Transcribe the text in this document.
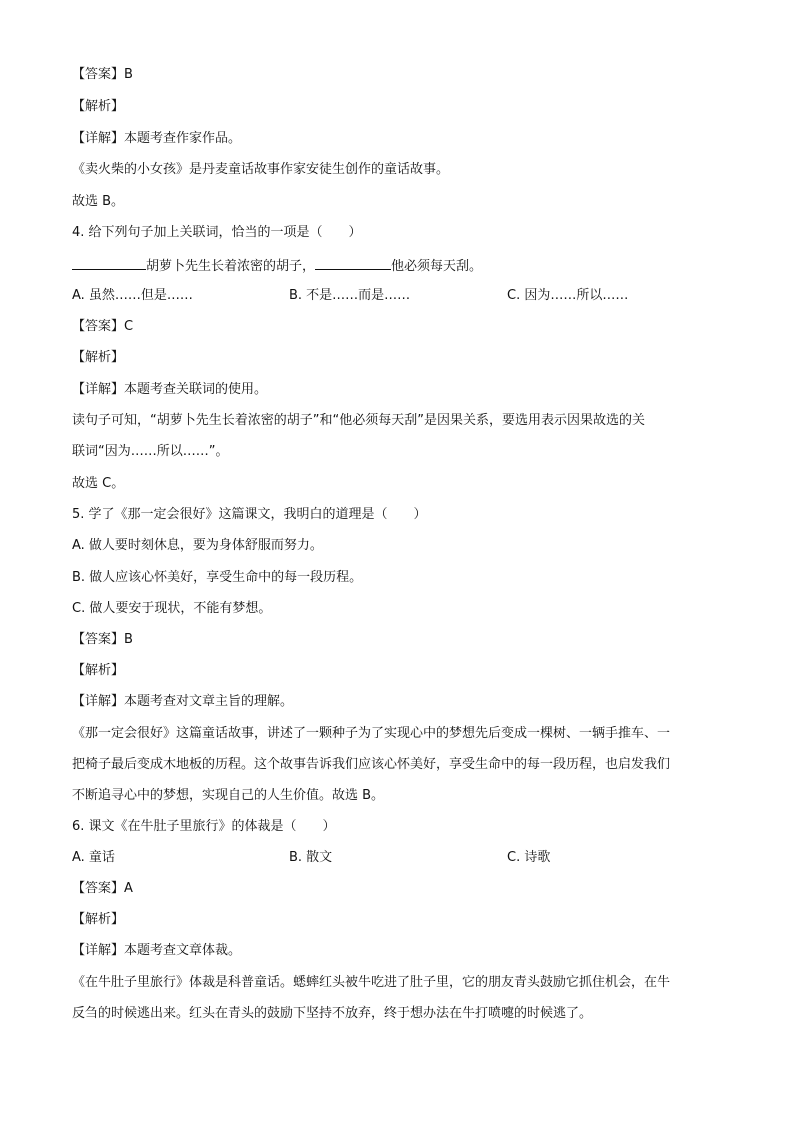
【答案】B
【解析】
【详解】本题考查作家作品。
《卖火柴的小女孩》是丹麦童话故事作家安徒生创作的童话故事。
故选 B。
4. 给下列句子加上关联词，恰当的一项是（　　）
胡萝卜先生长着浓密的胡子，	他必须每天刮。
A. 虽然……但是……	B. 不是……而是……	C. 因为……所以……
【答案】C
【解析】
【详解】本题考查关联词的使用。
读句子可知，“胡萝卜先生长着浓密的胡子”和“他必须每天刮”是因果关系，要选用表示因果故选的关
联词“因为……所以……”。
故选 C。
5. 学了《那一定会很好》这篇课文，我明白的道理是（　　）
A. 做人要时刻休息，要为身体舒服而努力。
B. 做人应该心怀美好，享受生命中的每一段历程。
C. 做人要安于现状，不能有梦想。
【答案】B
【解析】
【详解】本题考查对文章主旨的理解。
《那一定会很好》这篇童话故事，讲述了一颗种子为了实现心中的梦想先后变成一棵树、一辆手推车、一
把椅子最后变成木地板的历程。这个故事告诉我们应该心怀美好，享受生命中的每一段历程，也启发我们
不断追寻心中的梦想，实现自己的人生价值。故选 B。
6. 课文《在牛肚子里旅行》的体裁是（　　）
A. 童话	B. 散文	C. 诗歌
【答案】A
【解析】
【详解】本题考查文章体裁。
《在牛肚子里旅行》体裁是科普童话。蟋蟀红头被牛吃进了肚子里，它的朋友青头鼓励它抓住机会，在牛
反刍的时候逃出来。红头在青头的鼓励下坚持不放弃，终于想办法在牛打喷嚏的时候逃了。
